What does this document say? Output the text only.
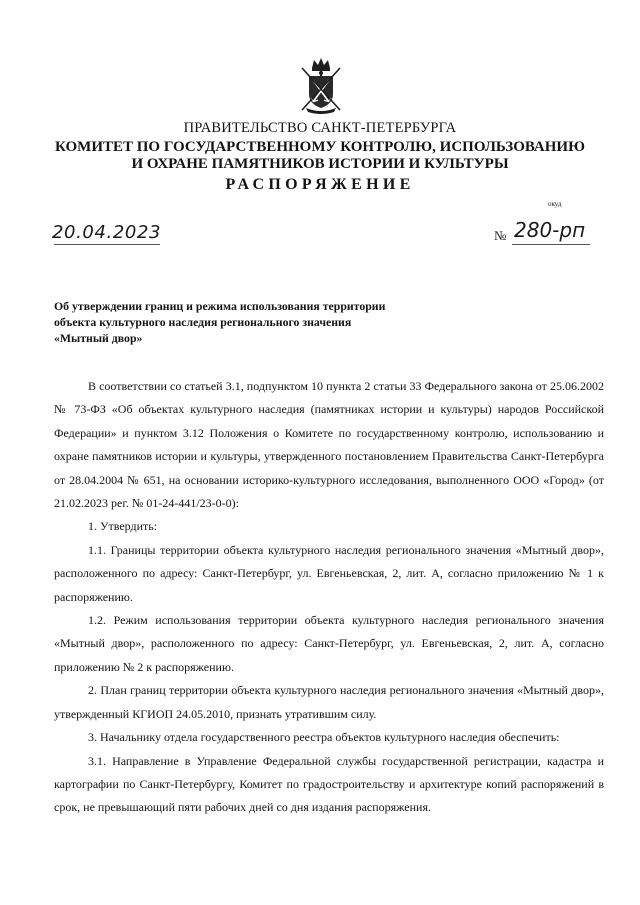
ПРАВИТЕЛЬСТВО САНКТ-ПЕТЕРБУРГА
КОМИТЕТ ПО ГОСУДАРСТВЕННОМУ КОНТРОЛЮ, ИСПОЛЬЗОВАНИЮ
И ОХРАНЕ ПАМЯТНИКОВ ИСТОРИИ И КУЛЬТУРЫ
РАСПОРЯЖЕНИЕ
окуд
20.04.2023	№ 280-рп
Об утверждении границ и режима использования территории
объекта культурного наследия регионального значения
«Мытный двор»

В соответствии со статьей 3.1, подпунктом 10 пункта 2 статьи 33 Федерального закона от 25.06.2002 № 73-ФЗ «Об объектах культурного наследия (памятниках истории и культуры) народов Российской Федерации» и пунктом 3.12 Положения о Комитете по государственному контролю, использованию и охране памятников истории и культуры, утвержденного постановлением Правительства Санкт-Петербурга от 28.04.2004 № 651, на основании историко-культурного исследования, выполненного ООО «Город» (от 21.02.2023 рег. № 01-24-441/23-0-0):

1. Утвердить:

1.1. Границы территории объекта культурного наследия регионального значения «Мытный двор», расположенного по адресу: Санкт-Петербург, ул. Евгеньевская, 2, лит. А, согласно приложению № 1 к распоряжению.

1.2. Режим использования территории объекта культурного наследия регионального значения «Мытный двор», расположенного по адресу: Санкт-Петербург, ул. Евгеньевская, 2, лит. А, согласно приложению № 2 к распоряжению.

2. План границ территории объекта культурного наследия регионального значения «Мытный двор», утвержденный КГИОП 24.05.2010, признать утратившим силу.

3. Начальнику отдела государственного реестра объектов культурного наследия обеспечить:

3.1. Направление в Управление Федеральной службы государственной регистрации, кадастра и картографии по Санкт-Петербургу, Комитет по градостроительству и архитектуре копий распоряжений в срок, не превышающий пяти рабочих дней со дня издания распоряжения.
